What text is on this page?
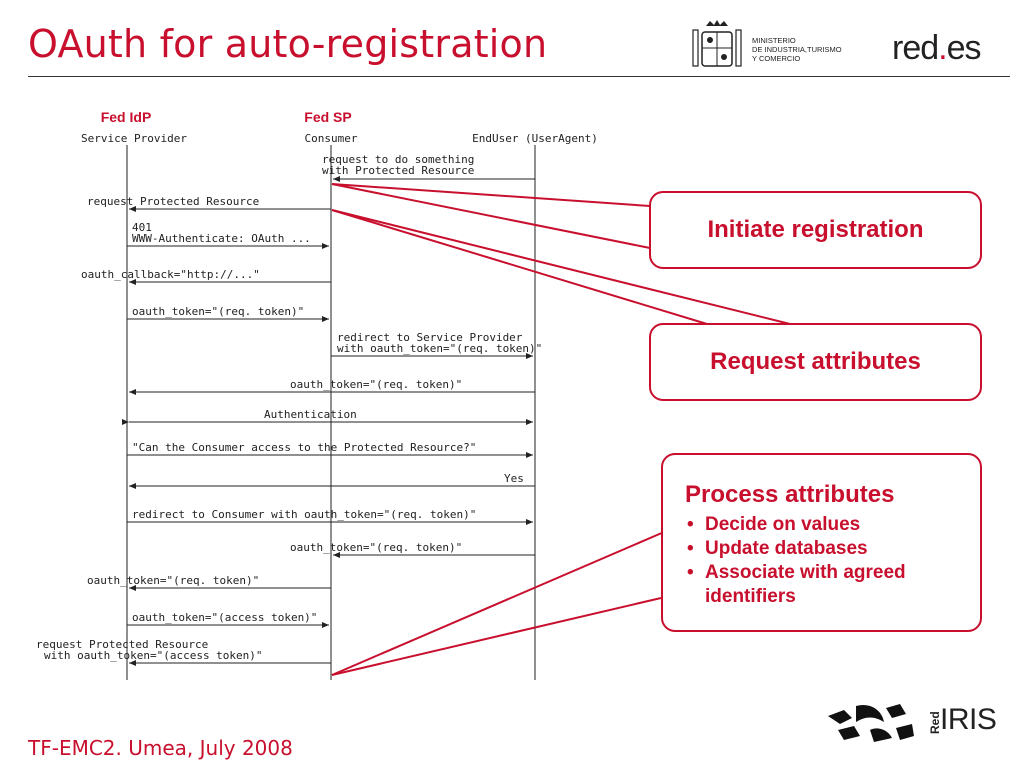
OAuth for auto-registration	MINISTERIO
DE INDUSTRIA,TURISMO
Y COMERCIO	red.es
Fed IdP	Fed SP
Service Provider	Consumer	EndUser (UserAgent)
request to do something
with Protected Resource
request Protected Resource
401
WWW-Authenticate: OAuth ...
oauth_callback="http://..."
oauth_token="(req. token)"
redirect to Service Provider
with oauth_token="(req. token)"
oauth_token="(req. token)"
Authentication
"Can the Consumer access to the Protected Resource?"
Yes
redirect to Consumer with oauth_token="(req. token)"
oauth_token="(req. token)"
oauth_token="(req. token)"
oauth_token="(access token)"
request Protected Resource
with oauth_token="(access token)"
Initiate registration
Request attributes
Process attributes
• Decide on values
• Update databases
• Associate with agreed identifiers
TF-EMC2. Umea, July 2008
Red
IRIS
